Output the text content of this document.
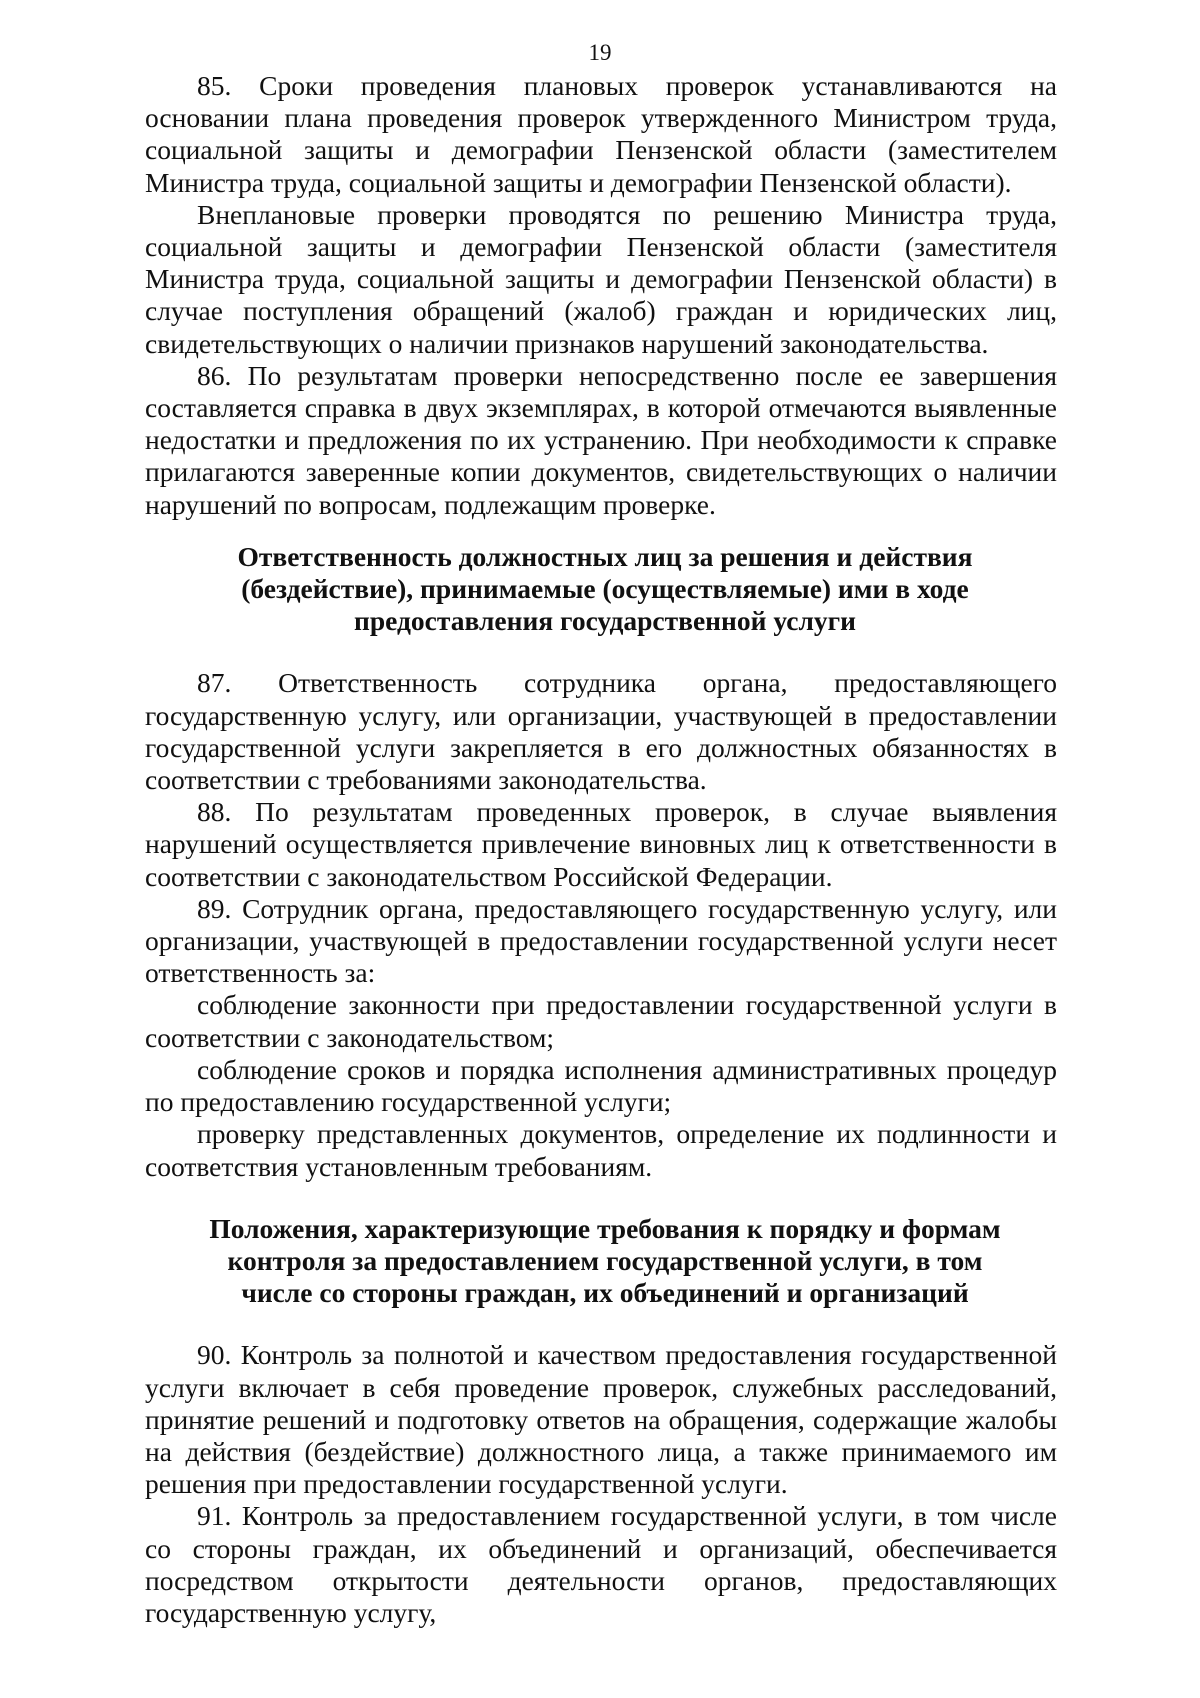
19

85. Сроки проведения плановых проверок устанавливаются на основании плана проведения проверок утвержденного Министром труда, социальной защиты и демографии Пензенской области (заместителем Министра труда, социальной защиты и демографии Пензенской области).

Внеплановые проверки проводятся по решению Министра труда, социальной защиты и демографии Пензенской области (заместителя Министра труда, социальной защиты и демографии Пензенской области) в случае поступления обращений (жалоб) граждан и юридических лиц, свидетельствующих о наличии признаков нарушений законодательства.

86. По результатам проверки непосредственно после ее завершения составляется справка в двух экземплярах, в которой отмечаются выявленные недостатки и предложения по их устранению. При необходимости к справке прилагаются заверенные копии документов, свидетельствующих о наличии нарушений по вопросам, подлежащим проверке.

Ответственность должностных лиц за решения и действия
(бездействие), принимаемые (осуществляемые) ими в ходе
предоставления государственной услуги

87. Ответственность сотрудника органа, предоставляющего государственную услугу, или организации, участвующей в предоставлении государственной услуги закрепляется в его должностных обязанностях в соответствии с требованиями законодательства.

88. По результатам проведенных проверок, в случае выявления нарушений осуществляется привлечение виновных лиц к ответственности в соответствии с законодательством Российской Федерации.

89. Сотрудник органа, предоставляющего государственную услугу, или организации, участвующей в предоставлении государственной услуги несет ответственность за:

соблюдение законности при предоставлении государственной услуги в соответствии с законодательством;

соблюдение сроков и порядка исполнения административных процедур по предоставлению государственной услуги;

проверку представленных документов, определение их подлинности и соответствия установленным требованиям.

Положения, характеризующие требования к порядку и формам
контроля за предоставлением государственной услуги, в том
числе со стороны граждан, их объединений и организаций

90. Контроль за полнотой и качеством предоставления государственной услуги включает в себя проведение проверок, служебных расследований, принятие решений и подготовку ответов на обращения, содержащие жалобы на действия (бездействие) должностного лица, а также принимаемого им решения при предоставлении государственной услуги.

91. Контроль за предоставлением государственной услуги, в том числе со стороны граждан, их объединений и организаций, обеспечивается посредством открытости деятельности органов, предоставляющих государственную услугу,
